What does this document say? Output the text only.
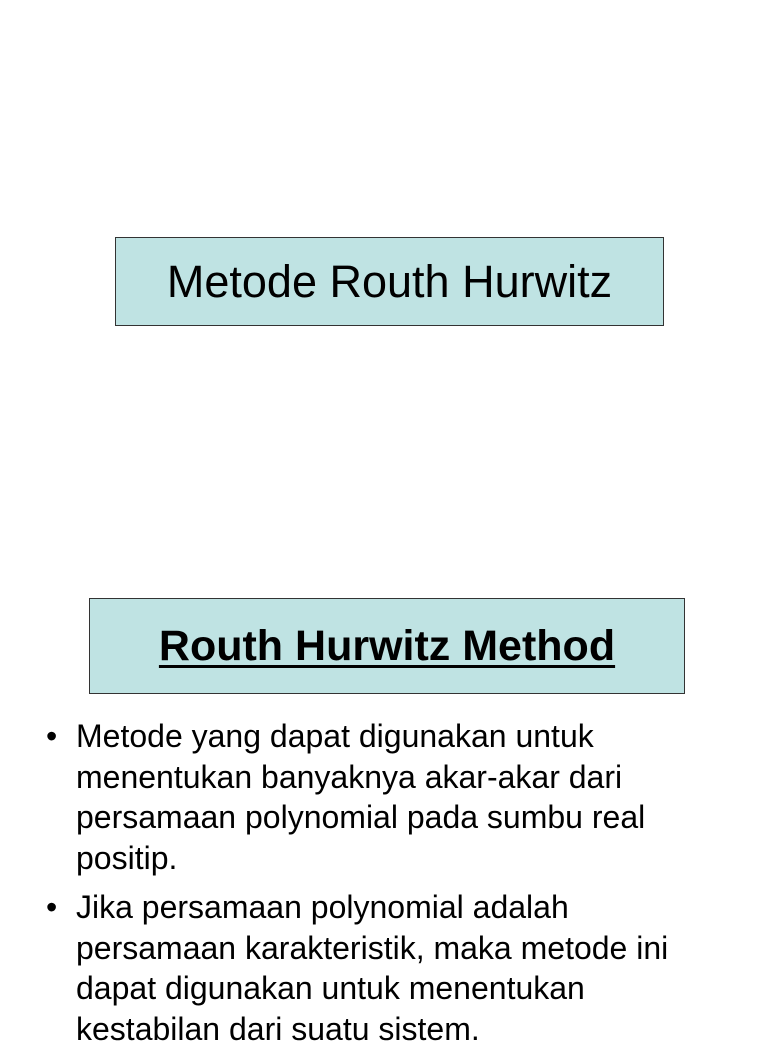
Metode Routh Hurwitz
Routh Hurwitz Method
• Metode yang dapat digunakan untuk menentukan banyaknya akar-akar dari persamaan polynomial pada sumbu real positip.
• Jika persamaan polynomial adalah persamaan karakteristik, maka metode ini dapat digunakan untuk menentukan kestabilan dari suatu sistem.
